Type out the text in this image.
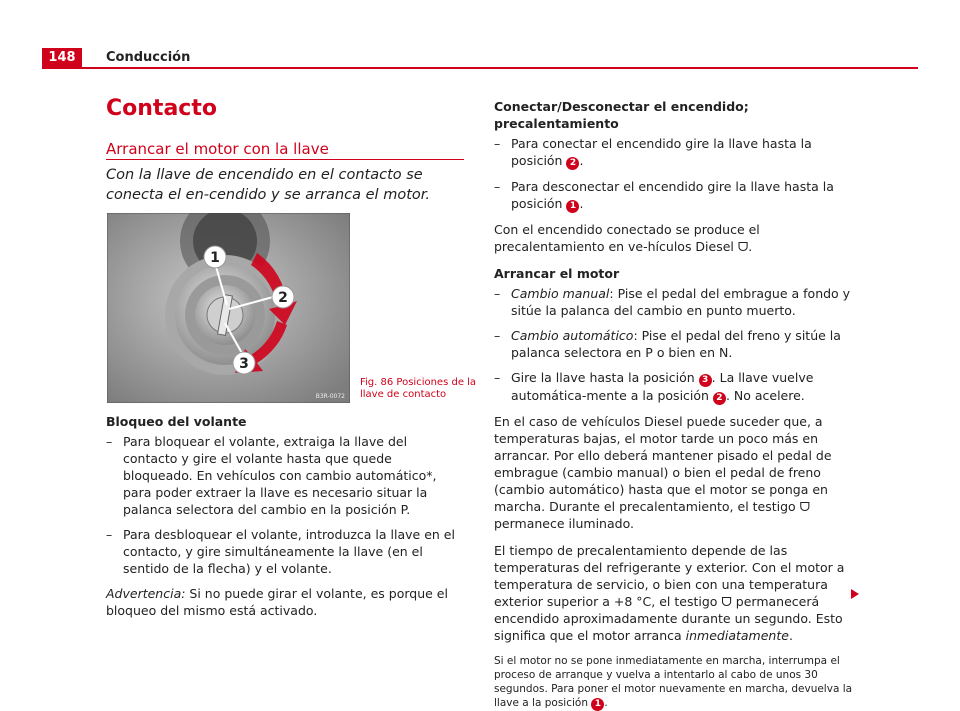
148	Conducción
Contacto
Arrancar el motor con la llave
Con la llave de encendido en el contacto se conecta el en-cendido y se arranca el motor.
1
2
3
B3R-0072
Fig. 86 Posiciones de la
llave de contacto
Bloqueo del volante
– Para bloquear el volante, extraiga la llave del contacto y gire el volante hasta que quede bloqueado. En vehículos con cambio automático*, para poder extraer la llave es necesario situar la palanca selectora del cambio en la posición P.
– Para desbloquear el volante, introduzca la llave en el contacto, y gire simultáneamente la llave (en el sentido de la flecha) y el volante.

Advertencia: Si no puede girar el volante, es porque el bloqueo del mismo está activado.

Conectar/Desconectar el encendido; precalentamiento
– Para conectar el encendido gire la llave hasta la posición 2 .
– Para desconectar el encendido gire la llave hasta la posición 1 .

Con el encendido conectado se produce el precalentamiento en ve-hículos Diesel ᗜ.

Arrancar el motor
– Cambio manual: Pise el pedal del embrague a fondo y sitúe la palanca del cambio en punto muerto.
– Cambio automático: Pise el pedal del freno y sitúe la palanca selectora en P o bien en N.
– Gire la llave hasta la posición 3 . La llave vuelve automática-mente a la posición 2 . No acelere.

En el caso de vehículos Diesel puede suceder que, a temperaturas bajas, el motor tarde un poco más en arrancar. Por ello deberá mantener pisado el pedal de embrague (cambio manual) o bien el pedal de freno (cambio automático) hasta que el motor se ponga en marcha. Durante el precalentamiento, el testigo ᗜ permanece iluminado.

El tiempo de precalentamiento depende de las temperaturas del refrigerante y exterior. Con el motor a temperatura de servicio, o bien con una temperatura exterior superior a +8 °C, el testigo ᗜ permanecerá encendido aproximadamente durante un segundo. Esto significa que el motor arranca inmediatamente.

Si el motor no se pone inmediatamente en marcha, interrumpa el proceso de arranque y vuelva a intentarlo al cabo de unos 30 segundos. Para poner el motor nuevamente en marcha, devuelva la llave a la posición 1 .
